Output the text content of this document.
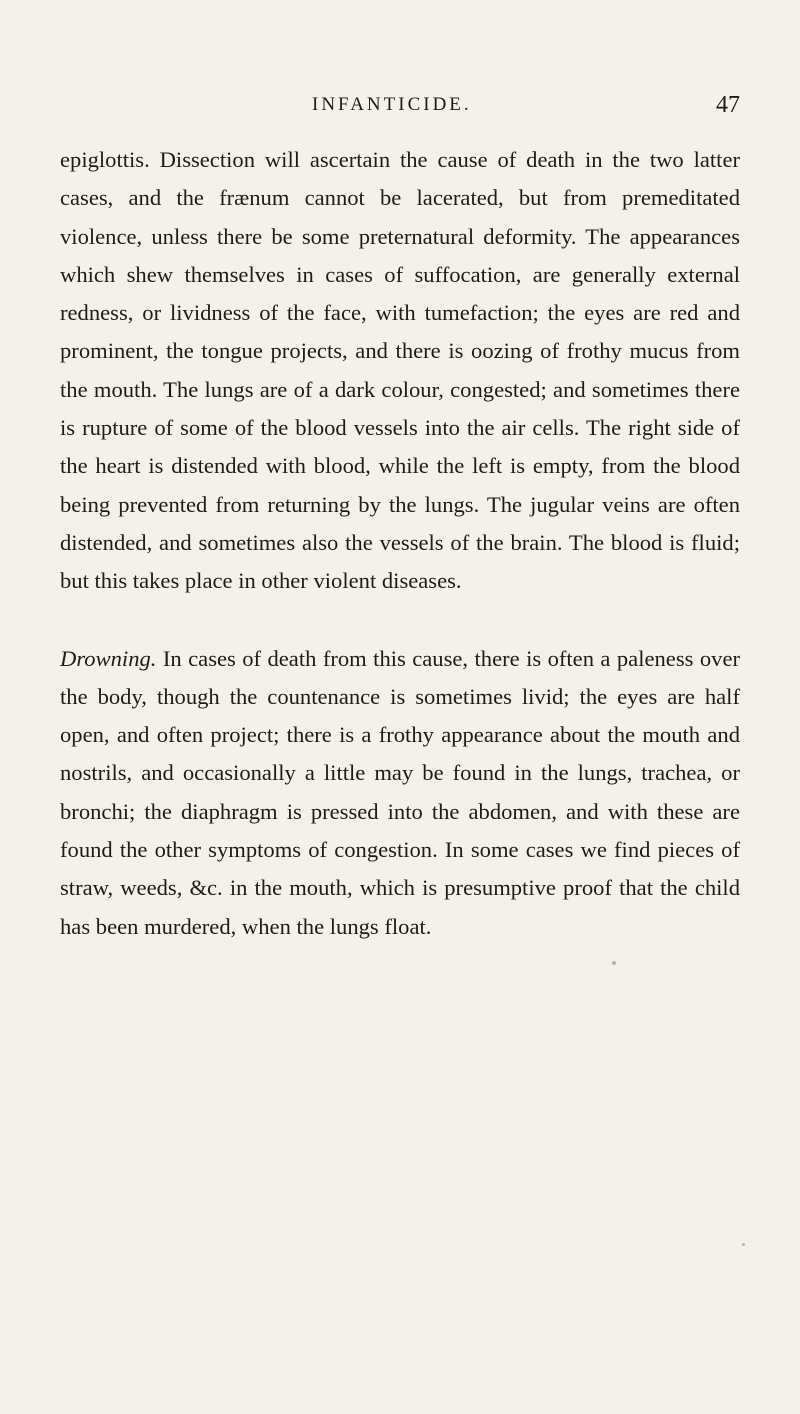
INFANTICIDE.	47

epiglottis. Dissection will ascertain the cause of death in the two latter cases, and the frænum cannot be lacerated, but from premeditated violence, unless there be some preternatural deformity. The appearances which shew themselves in cases of suffocation, are generally external redness, or lividness of the face, with tumefaction; the eyes are red and prominent, the tongue projects, and there is oozing of frothy mucus from the mouth. The lungs are of a dark colour, congested; and sometimes there is rupture of some of the blood vessels into the air cells. The right side of the heart is distended with blood, while the left is empty, from the blood being prevented from returning by the lungs. The jugular veins are often distended, and sometimes also the vessels of the brain. The blood is fluid; but this takes place in other violent diseases.

Drowning. In cases of death from this cause, there is often a paleness over the body, though the countenance is sometimes livid; the eyes are half open, and often project; there is a frothy appearance about the mouth and nostrils, and occasionally a little may be found in the lungs, trachea, or bronchi; the diaphragm is pressed into the abdomen, and with these are found the other symptoms of congestion. In some cases we find pieces of straw, weeds, &c. in the mouth, which is presumptive proof that the child has been murdered, when the lungs float.
